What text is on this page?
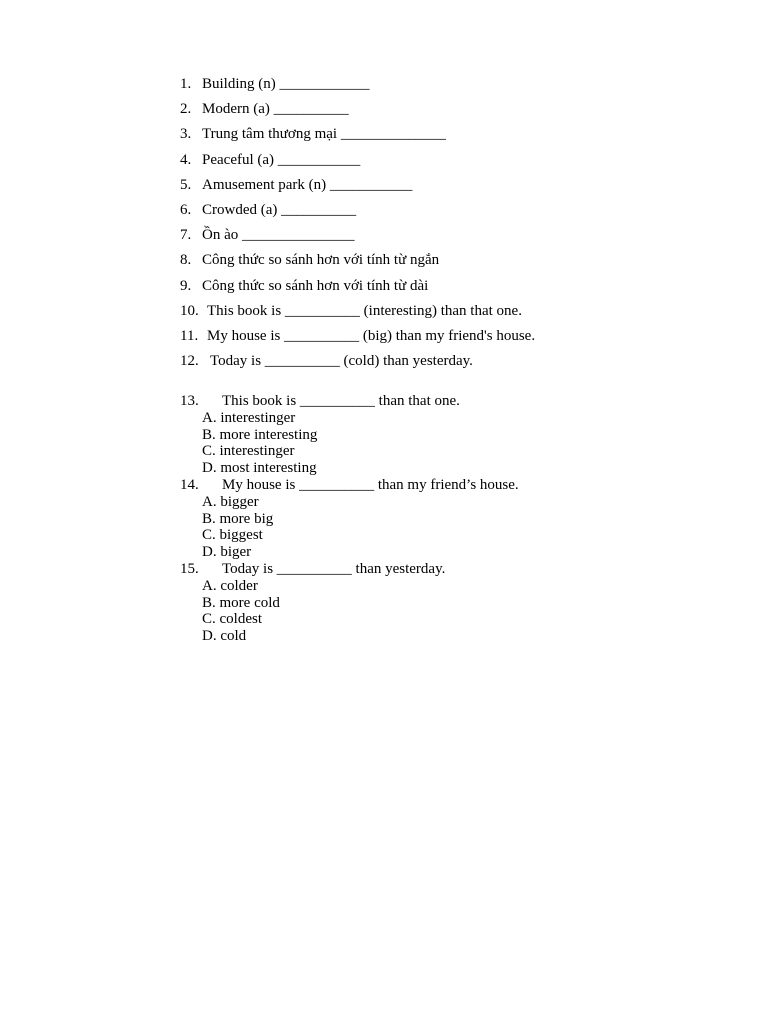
1. Building (n) ____________
2. Modern (a) __________
3. Trung tâm thương mại ______________
4. Peaceful (a) ___________
5. Amusement park (n) ___________
6. Crowded (a) __________
7. Ồn ào _______________
8. Công thức so sánh hơn với tính từ ngắn
9. Công thức so sánh hơn với tính từ dài
10. This book is __________ (interesting) than that one.
11. My house is __________ (big) than my friend's house.
12. Today is __________ (cold) than yesterday.
13. This book is __________ than that one.
A. interestinger
B. more interesting
C. interestinger
D. most interesting
14. My house is __________ than my friend’s house.
A. bigger
B. more big
C. biggest
D. biger
15. Today is __________ than yesterday.
A. colder
B. more cold
C. coldest
D. cold
